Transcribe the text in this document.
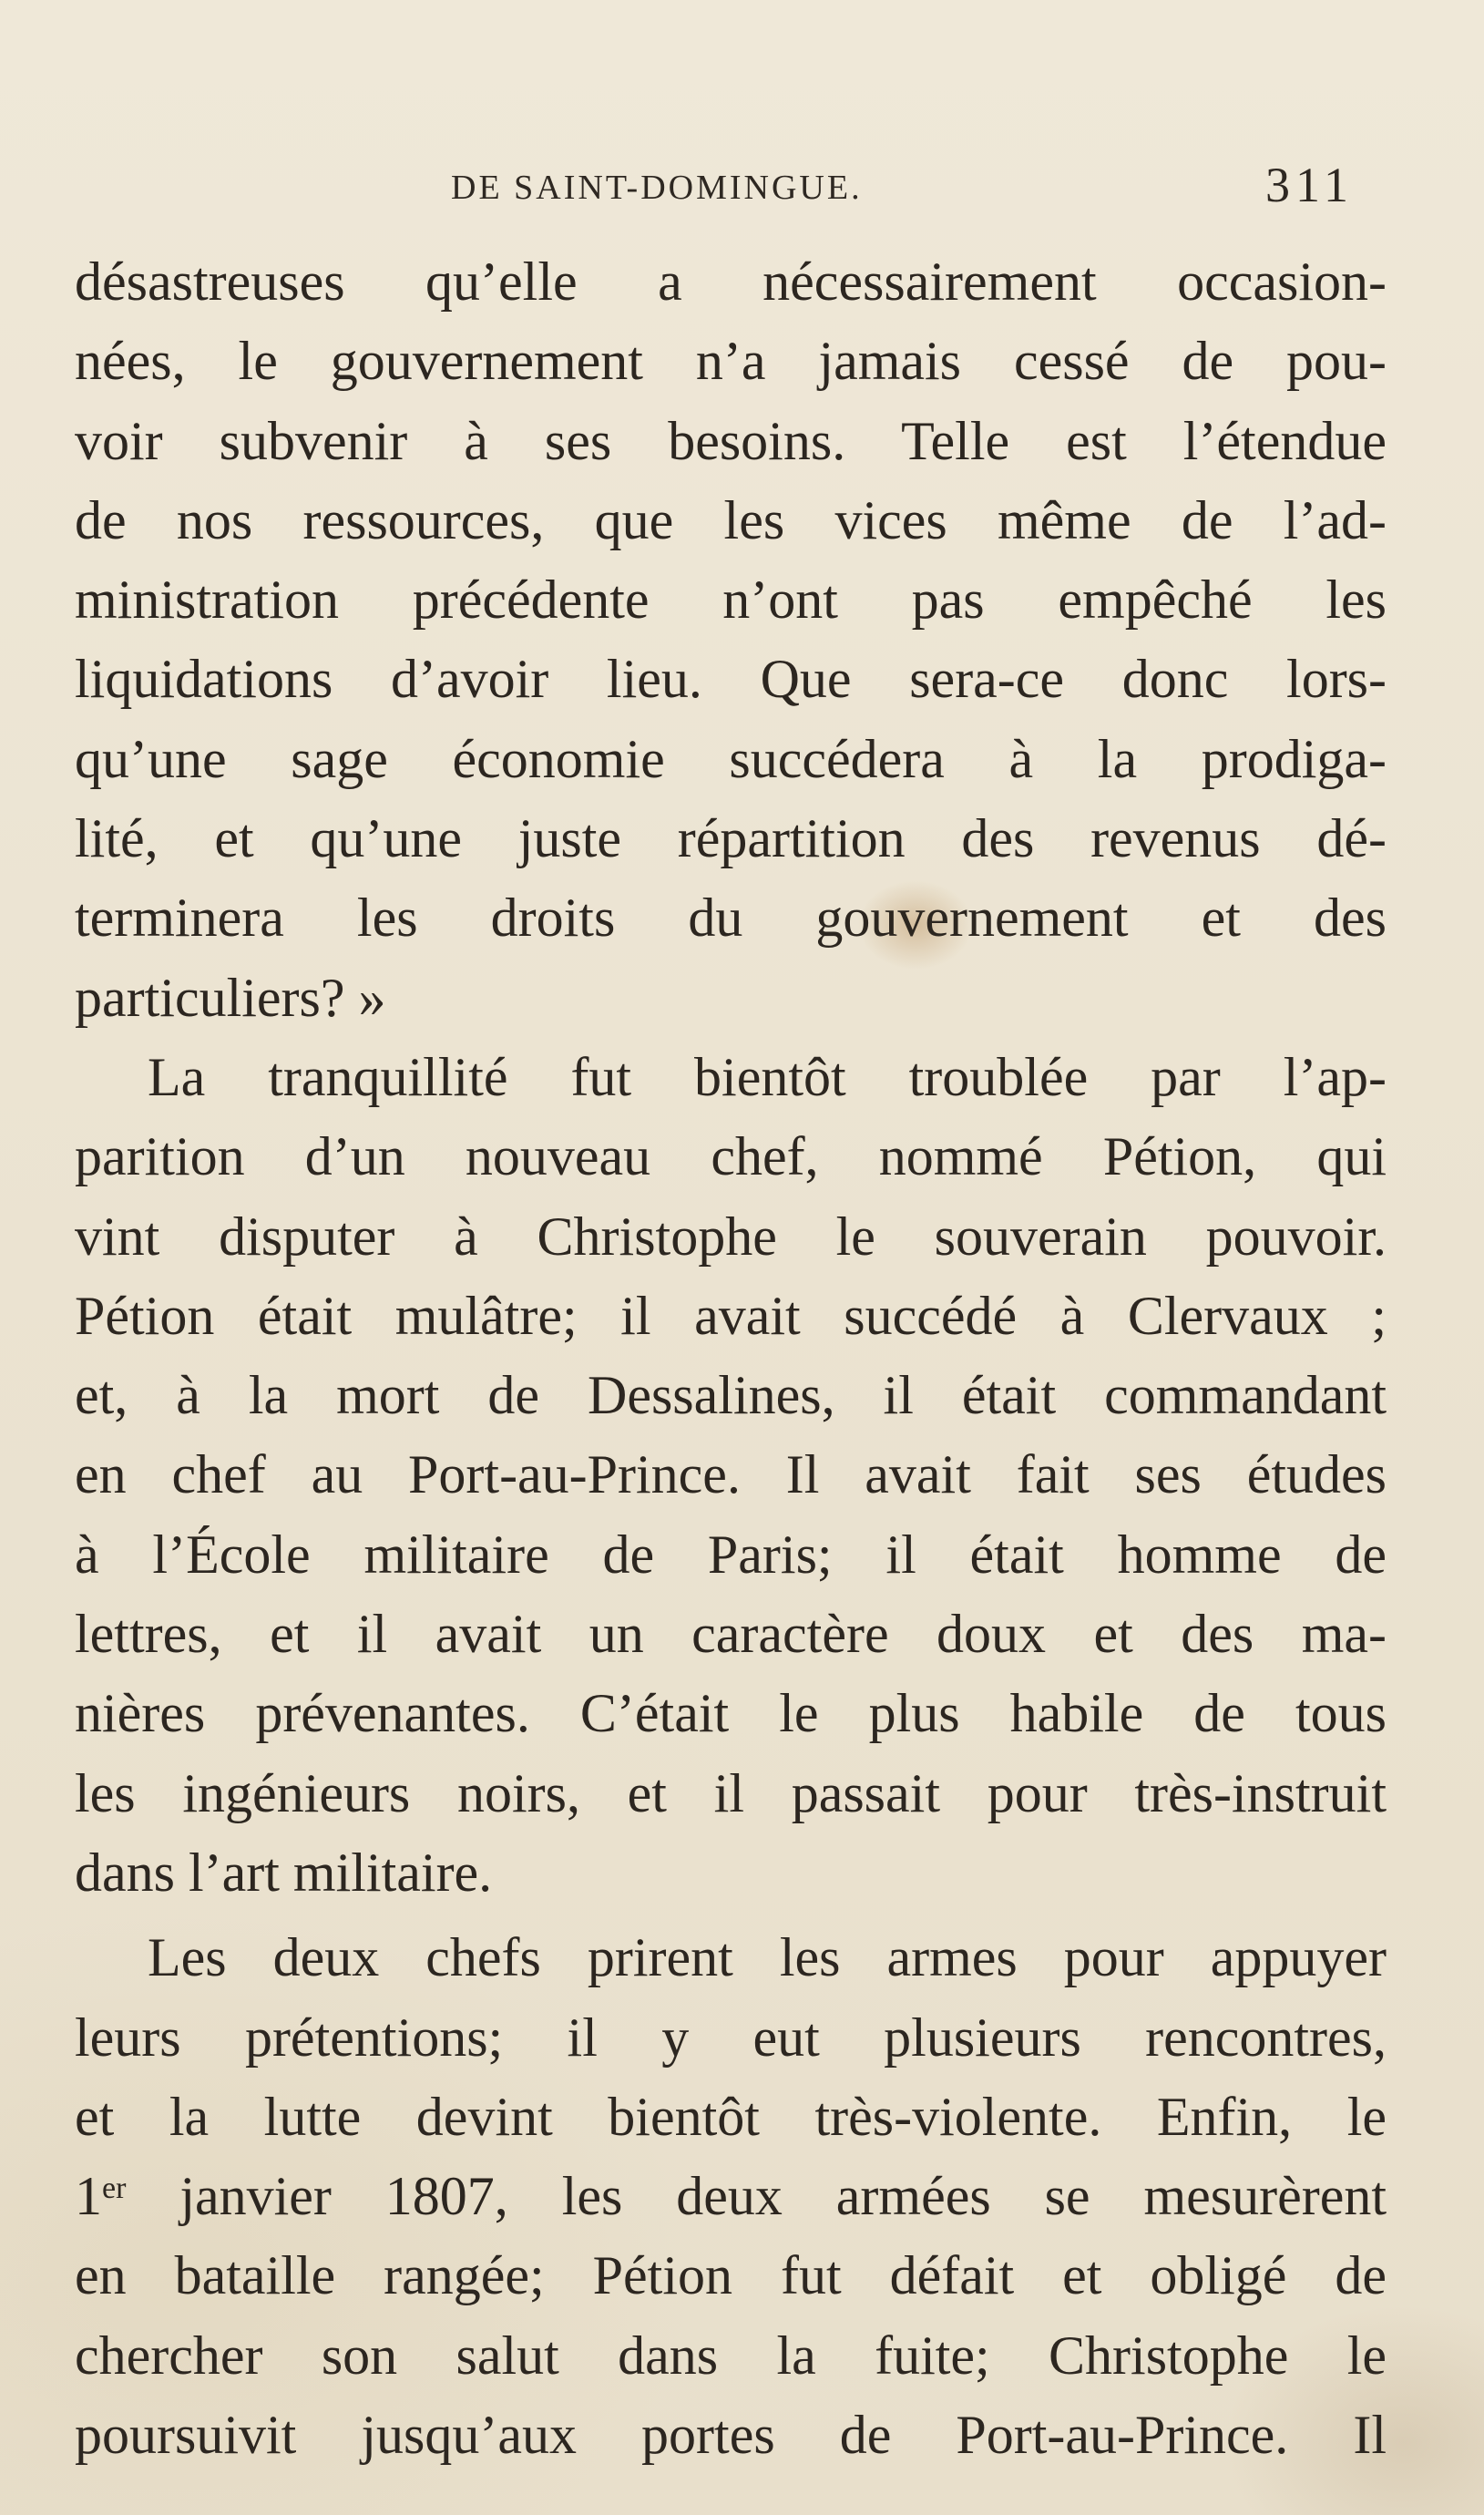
DE SAINT-DOMINGUE.	311
désastreuses qu’elle a nécessairement occasion-
nées, le gouvernement n’a jamais cessé de pou-
voir subvenir à ses besoins. Telle est l’étendue
de nos ressources, que les vices même de l’ad-
ministration précédente n’ont pas empêché les
liquidations d’avoir lieu. Que sera-ce donc lors-
qu’une sage économie succédera à la prodiga-
lité, et qu’une juste répartition des revenus dé-
terminera les droits du gouvernement et des
particuliers? »
La tranquillité fut bientôt troublée par l’ap-
parition d’un nouveau chef, nommé Pétion, qui
vint disputer à Christophe le souverain pouvoir.
Pétion était mulâtre; il avait succédé à Clervaux ;
et, à la mort de Dessalines, il était commandant
en chef au Port-au-Prince. Il avait fait ses études
à l’École militaire de Paris; il était homme de
lettres, et il avait un caractère doux et des ma-
nières prévenantes. C’était le plus habile de tous
les ingénieurs noirs, et il passait pour très-instruit
dans l’art militaire.
Les deux chefs prirent les armes pour appuyer
leurs prétentions; il y eut plusieurs rencontres,
et la lutte devint bientôt très-violente. Enfin, le
1er janvier 1807, les deux armées se mesurèrent
en bataille rangée; Pétion fut défait et obligé de
chercher son salut dans la fuite; Christophe le
poursuivit jusqu’aux portes de Port-au-Prince. Il
